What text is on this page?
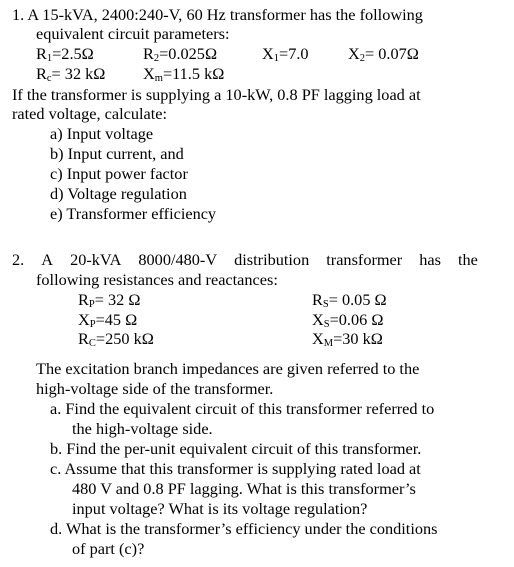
1. A 15-kVA, 2400:240-V, 60 Hz transformer has the following
equivalent circuit parameters:
$R_1=2.5\Omega$	$R_2=0.025\Omega$	$X_1=7.0$ $X_2= 0.07\Omega$
$R_c= 32$ kΩ $X_m=11.5$ kΩ
If the transformer is supplying a 10-kW, 0.8 PF lagging load at
rated voltage, calculate:
a) Input voltage
b) Input current, and
c) Input power factor
d) Voltage regulation
e) Transformer efficiency
2. A 20-kVA 8000/480-V distribution transformer has the
following resistances and reactances:
$R_P= 32$ Ω	$R_S= 0.05$ Ω
$X_P=45$ Ω	$X_S=0.06$ Ω
$R_C=250$ kΩ	$X_M=30$ kΩ
The excitation branch impedances are given referred to the
high-voltage side of the transformer.
a. Find the equivalent circuit of this transformer referred to
the high-voltage side.
b. Find the per-unit equivalent circuit of this transformer.
c. Assume that this transformer is supplying rated load at
480 V and 0.8 PF lagging. What is this transformer’s
input voltage? What is its voltage regulation?
d. What is the transformer’s efficiency under the conditions
of part (c)?
